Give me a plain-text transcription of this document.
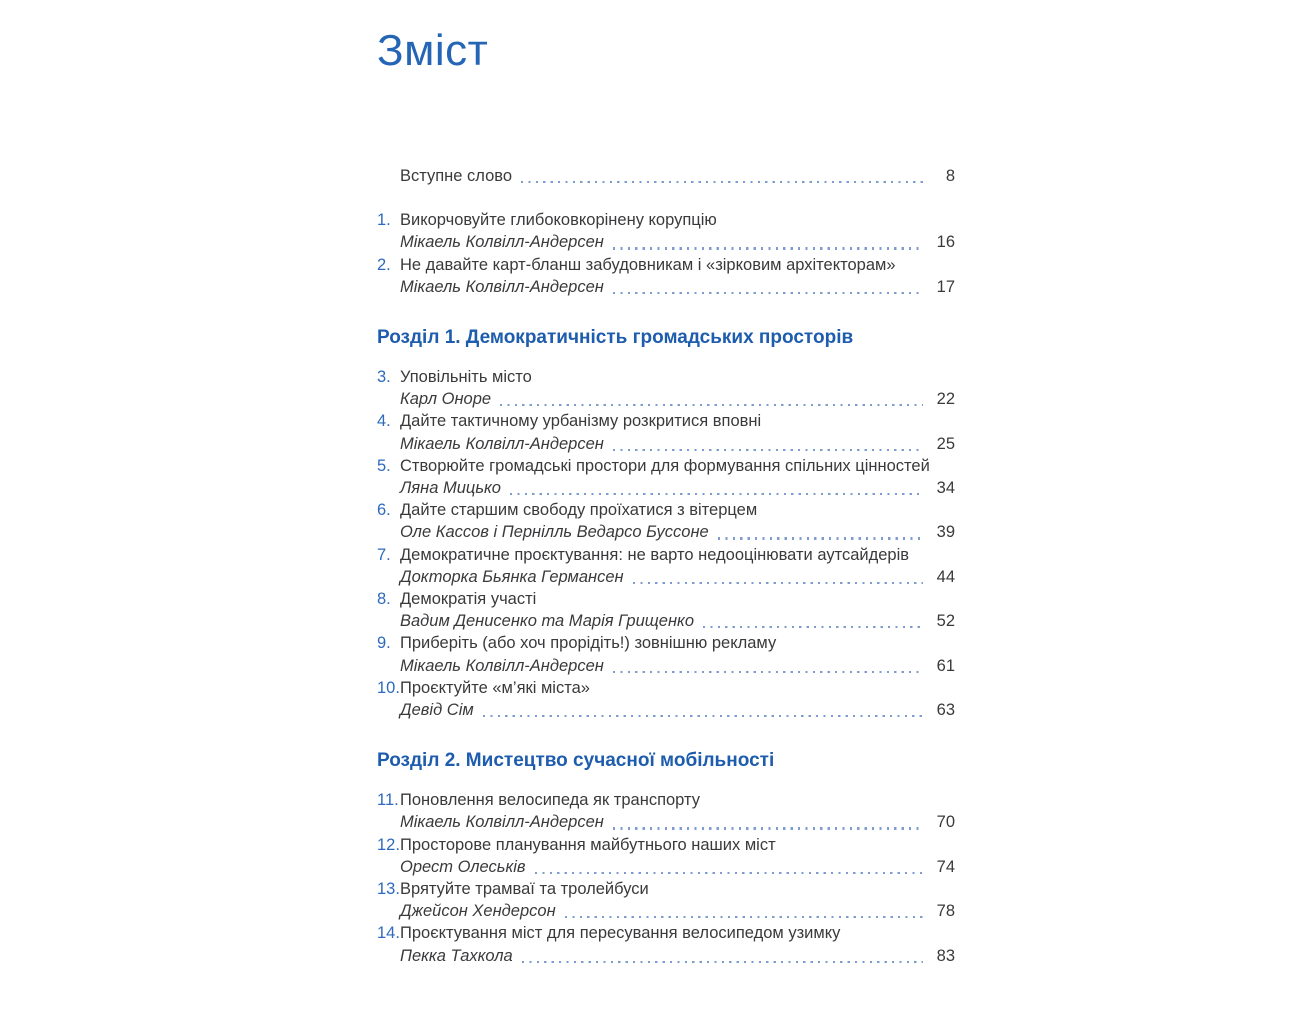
Зміст
Вступне слово	8
1. Викорчовуйте глибоковкорінену корупцію
Мікаель Колвілл-Андерсен	16
2. Не давайте карт-бланш забудовникам і «зірковим архітекторам»
Мікаель Колвілл-Андерсен	17
Розділ 1. Демократичність громадських просторів
3. Уповільніть місто
Карл Оноре	22
4. Дайте тактичному урбанізму розкритися вповні
Мікаель Колвілл-Андерсен	25
5. Створюйте громадські простори для формування спільних цінностей
Ляна Мицько	34
6. Дайте старшим свободу проїхатися з вітерцем
Оле Кассов і Пернілль Ведарсо Буссоне	39
7. Демократичне проєктування: не варто недооцінювати аутсайдерів
Докторка Бьянка Германсен	44
8. Демократія участі
Вадим Денисенко та Марія Грищенко	52
9. Приберіть (або хоч прорідіть!) зовнішню рекламу
Мікаель Колвілл-Андерсен	61
10. Проєктуйте «м’які міста»
Девід Сім	63
Розділ 2. Мистецтво сучасної мобільності
11. Поновлення велосипеда як транспорту
Мікаель Колвілл-Андерсен	70
12. Просторове планування майбутнього наших міст
Орест Олеськів	74
13. Врятуйте трамваї та тролейбуси
Джейсон Хендерсон	78
14. Проєктування міст для пересування велосипедом узимку
Пекка Тахкола	83
